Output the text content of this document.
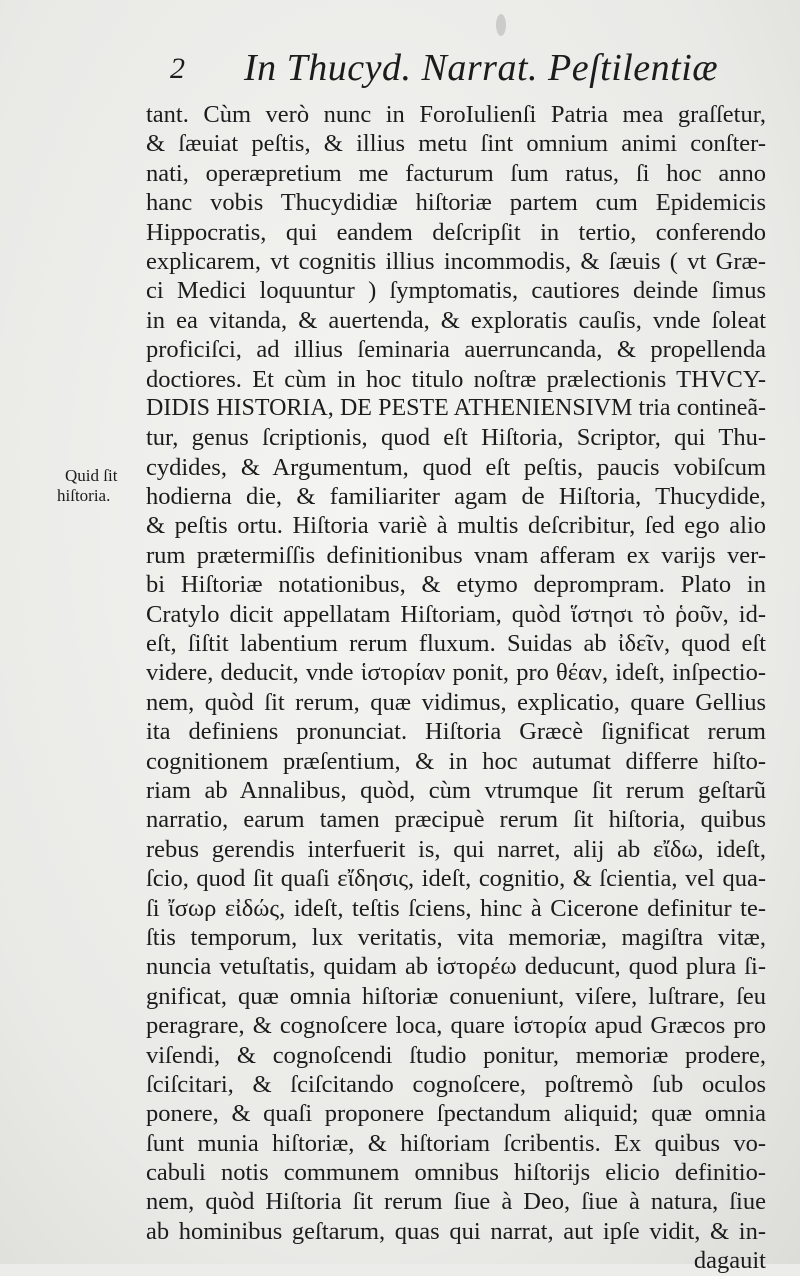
2 In Thucyd. Narrat. Peſtilentiæ
Quid ſit
hiſtoria.
tant. Cùm verò nunc in ForoIulienſi Patria mea graſſetur,
& ſæuiat peſtis, & illius metu ſint omnium animi conſter-
nati, operæpretium me facturum ſum ratus, ſi hoc anno
hanc vobis Thucydidiæ hiſtoriæ partem cum Epidemicis
Hippocratis, qui eandem deſcripſit in tertio, conferendo
explicarem, vt cognitis illius incommodis, & ſæuis ( vt Græ-
ci Medici loquuntur ) ſymptomatis, cautiores deinde ſimus
in ea vitanda, & auertenda, & exploratis cauſis, vnde ſoleat
proficiſci, ad illius ſeminaria auerruncanda, & propellenda
doctiores. Et cùm in hoc titulo noſtræ prælectionis THVCY-
DIDIS HISTORIA, DE PESTE ATHENIENSIVM tria contineã-
tur, genus ſcriptionis, quod eſt Hiſtoria, Scriptor, qui Thu-
cydides, & Argumentum, quod eſt peſtis, paucis vobiſcum
hodierna die, & familiariter agam de Hiſtoria, Thucydide,
& peſtis ortu. Hiſtoria variè à multis deſcribitur, ſed ego alio
rum prætermiſſis definitionibus vnam afferam ex varijs ver-
bi Hiſtoriæ notationibus, & etymo deprompram. Plato in
Cratylo dicit appellatam Hiſtoriam, quòd ἵστησι τὸ ῥοῦν, id-
eſt, ſiſtit labentium rerum fluxum. Suidas ab ἰδεῖν, quod eſt
videre, deducit, vnde ἱστορίαν ponit, pro θέαν, ideſt, inſpectio-
nem, quòd ſit rerum, quæ vidimus, explicatio, quare Gellius
ita definiens pronunciat. Hiſtoria Græcè ſignificat rerum
cognitionem præſentium, & in hoc autumat differre hiſto-
riam ab Annalibus, quòd, cùm vtrumque ſit rerum geſtarũ
narratio, earum tamen præcipuè rerum ſit hiſtoria, quibus
rebus gerendis interfuerit is, qui narret, alij ab εἴδω, ideſt,
ſcio, quod ſit quaſi εἴδησις, ideſt, cognitio, & ſcientia, vel qua-
ſi ἴσωρ εἰδώς, ideſt, teſtis ſciens, hinc à Cicerone definitur te-
ſtis temporum, lux veritatis, vita memoriæ, magiſtra vitæ,
nuncia vetuſtatis, quidam ab ἱστορέω deducunt, quod plura ſi-
gnificat, quæ omnia hiſtoriæ conueniunt, viſere, luſtrare, ſeu
peragrare, & cognoſcere loca, quare ἱστορία apud Græcos pro
viſendi, & cognoſcendi ſtudio ponitur, memoriæ prodere,
ſciſcitari, & ſciſcitando cognoſcere, poſtremò ſub oculos
ponere, & quaſi proponere ſpectandum aliquid; quæ omnia
ſunt munia hiſtoriæ, & hiſtoriam ſcribentis. Ex quibus vo-
cabuli notis communem omnibus hiſtorijs elicio definitio-
nem, quòd Hiſtoria ſit rerum ſiue à Deo, ſiue à natura, ſiue
ab hominibus geſtarum, quas qui narrat, aut ipſe vidit, & in-
dagauit
